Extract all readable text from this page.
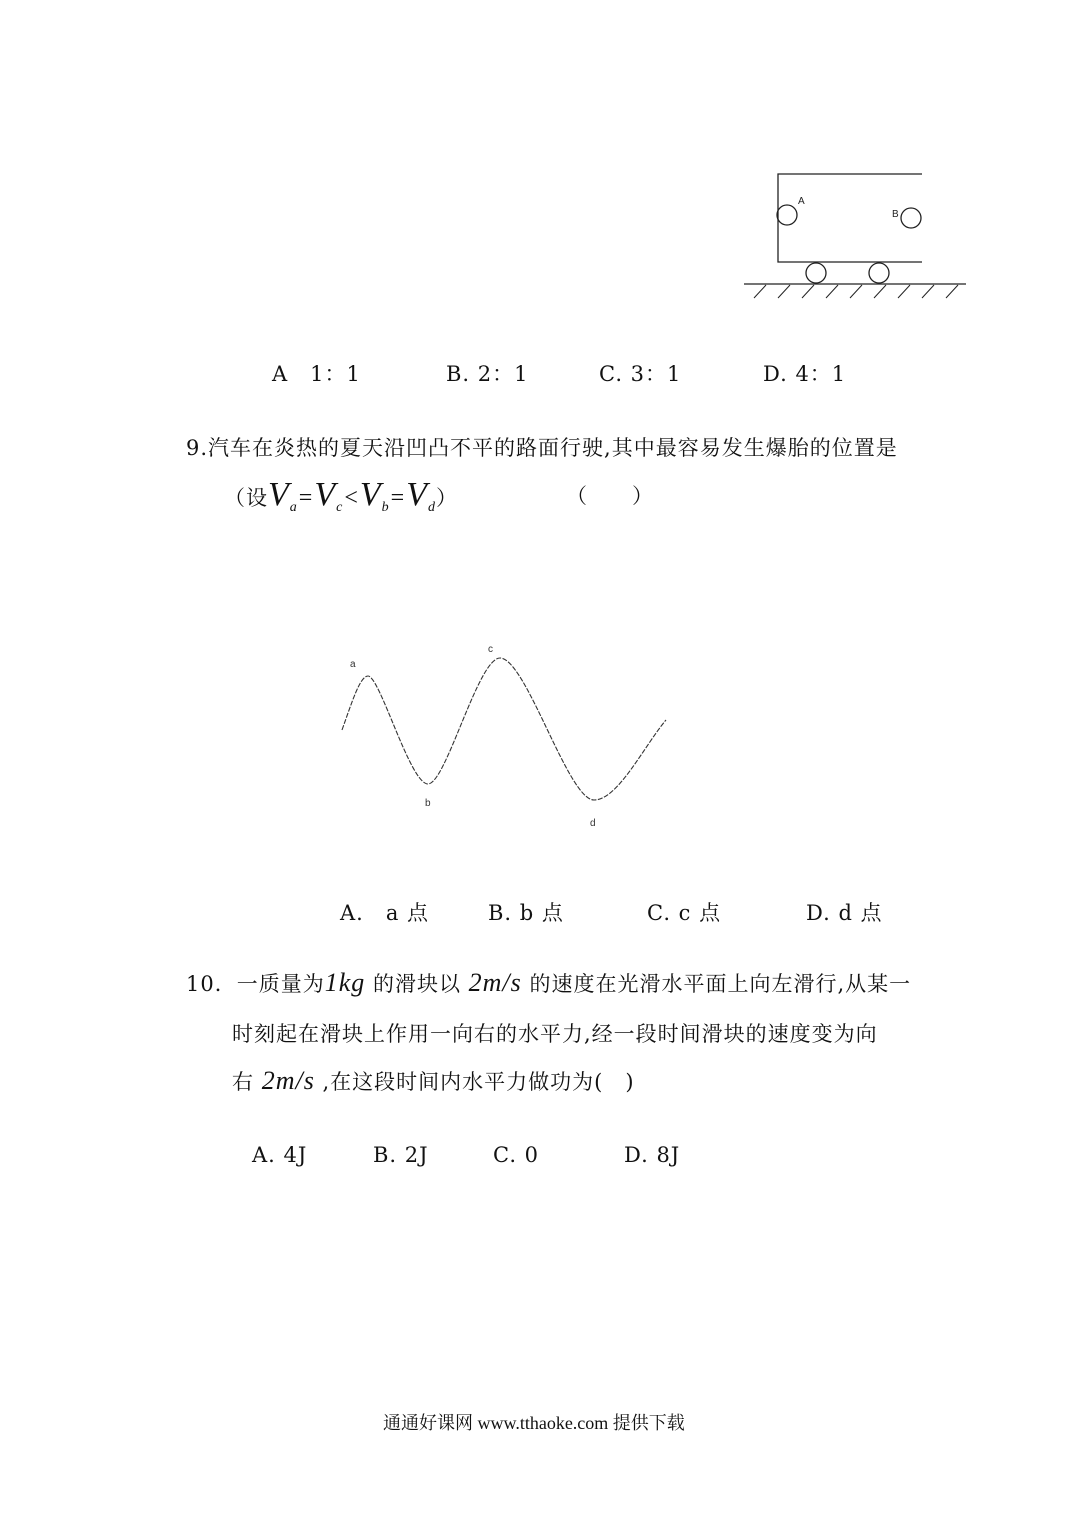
A
B
A　1：1	B. 2：1	C. 3：1	D. 4：1
9.汽车在炎热的夏天沿凹凸不平的路面行驶,其中最容易发生爆胎的位置是
（设$V_a=V_c<V_b=V_d$）	（　　）
a
b
c
d
A.　a 点	B. b 点	C. c 点	D. d 点
10．一质量为1kg 的滑块以 2m/s 的速度在光滑水平面上向左滑行,从某一
时刻起在滑块上作用一向右的水平力,经一段时间滑块的速度变为向
右 2m/s ,在这段时间内水平力做功为(　)
A. 4J	B. 2J	C. 0	D. 8J
通通好课网 www.tthaoke.com 提供下载
